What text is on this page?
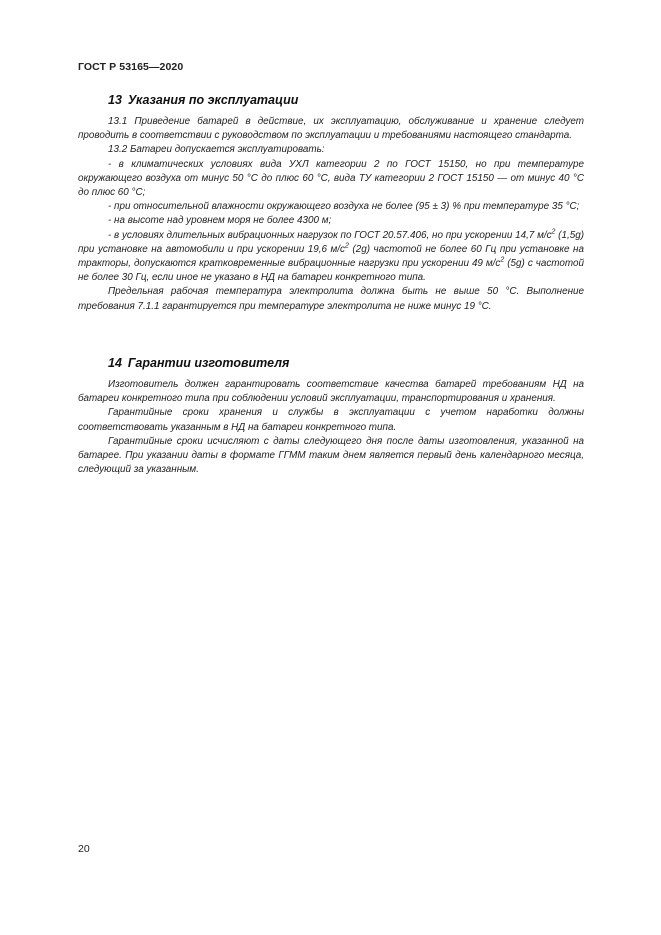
ГОСТ Р 53165—2020
13 Указания по эксплуатации

13.1 Приведение батарей в действие, их эксплуатацию, обслуживание и хранение следует проводить в соответствии с руководством по эксплуатации и требованиями настоящего стандарта.

13.2 Батареи допускается эксплуатировать:

- в климатических условиях вида УХЛ категории 2 по ГОСТ 15150, но при температуре окружающего воздуха от минус 50 °С до плюс 60 °С, вида ТУ категории 2 ГОСТ 15150 — от минус 40 °С до плюс 60 °С;

- при относительной влажности окружающего воздуха не более (95 ± 3) % при температуре 35 °С;

- на высоте над уровнем моря не более 4300 м;

- в условиях длительных вибрационных нагрузок по ГОСТ 20.57.406, но при ускорении 14,7 $м/с^2$ (1,5g) при установке на автомобили и при ускорении 19,6 $м/с^2$ (2g) частотой не более 60 Гц при установке на тракторы, допускаются кратковременные вибрационные нагрузки при ускорении 49 $м/с^2$ (5g) с частотой не более 30 Гц, если иное не указано в НД на батареи конкретного типа.

Предельная рабочая температура электролита должна быть не выше 50 °С. Выполнение требования 7.1.1 гарантируется при температуре электролита не ниже минус 19 °С.

14 Гарантии изготовителя

Изготовитель должен гарантировать соответствие качества батарей требованиям НД на батареи конкретного типа при соблюдении условий эксплуатации, транспортирования и хранения.

Гарантийные сроки хранения и службы в эксплуатации с учетом наработки должны соответствовать указанным в НД на батареи конкретного типа.

Гарантийные сроки исчисляют с даты следующего дня после даты изготовления, указанной на батарее. При указании даты в формате ГГММ таким днем является первый день календарного месяца, следующий за указанным.

20
